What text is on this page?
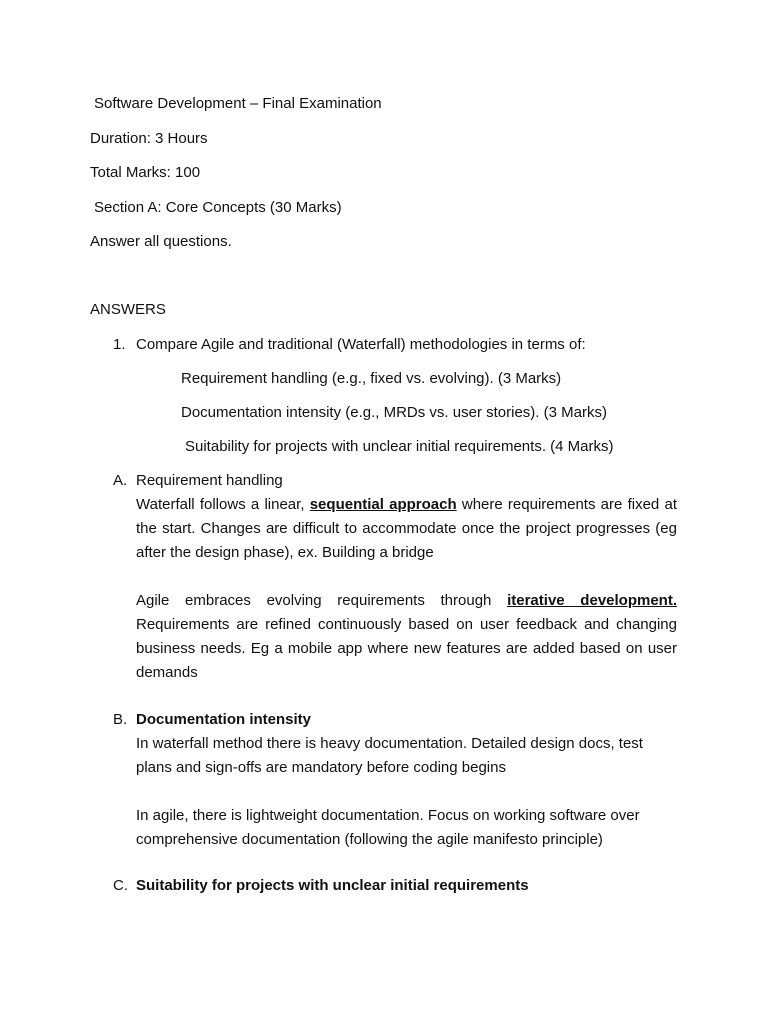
Software Development – Final Examination
Duration: 3 Hours
Total Marks: 100
Section A: Core Concepts (30 Marks)
Answer all questions.
ANSWERS
1. Compare Agile and traditional (Waterfall) methodologies in terms of:
Requirement handling (e.g., fixed vs. evolving). (3 Marks)
Documentation intensity (e.g., MRDs vs. user stories). (3 Marks)
Suitability for projects with unclear initial requirements. (4 Marks)
A. Requirement handling
Waterfall follows a linear, sequential approach where requirements are fixed at the start. Changes are difficult to accommodate once the project progresses (eg after the design phase), ex. Building a bridge
Agile embraces evolving requirements through iterative development. Requirements are refined continuously based on user feedback and changing business needs. Eg a mobile app where new features are added based on user demands
B. Documentation intensity
In waterfall method there is heavy documentation. Detailed design docs, test plans and sign-offs are mandatory before coding begins
In agile, there is lightweight documentation. Focus on working software over comprehensive documentation (following the agile manifesto principle)
C. Suitability for projects with unclear initial requirements
